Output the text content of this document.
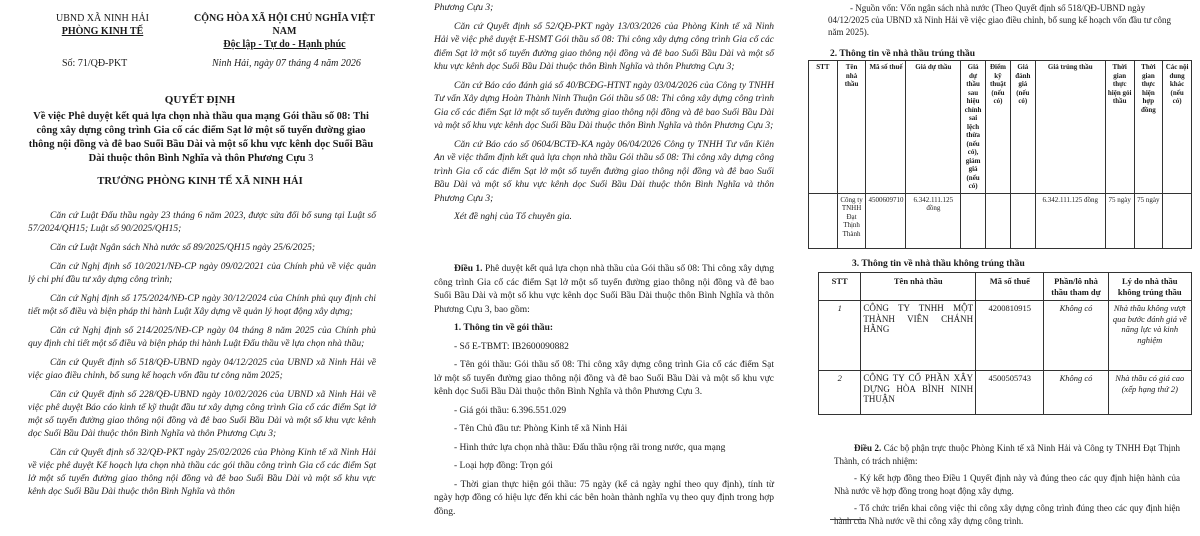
UBND XÃ NINH HẢI
PHÒNG KINH TẾ
CỘNG HÒA XÃ HỘI CHỦ NGHĨA VIỆT NAM
Độc lập - Tự do - Hạnh phúc
Số: 71/QĐ-PKT	Ninh Hải, ngày 07 tháng 4 năm 2026
QUYẾT ĐỊNH
Về việc Phê duyệt kết quả lựa chọn nhà thầu qua mạng Gói thầu số 08: Thi công xây dựng công trình Gia cố các điểm Sạt lở một số tuyến đường giao thông nội đồng và đê bao Suối Bầu Dài và một số khu vực kênh dọc Suối Bầu Dài thuộc thôn Bình Nghĩa và thôn Phương Cựu 3
TRƯỞNG PHÒNG KINH TẾ XÃ NINH HẢI

Căn cứ Luật Đấu thầu ngày 23 tháng 6 năm 2023, được sửa đổi bổ sung tại Luật số 57/2024/QH15; Luật số 90/2025/QH15;

Căn cứ Luật Ngân sách Nhà nước số 89/2025/QH15 ngày 25/6/2025;

Căn cứ Nghị định số 10/2021/NĐ-CP ngày 09/02/2021 của Chính phủ về việc quản lý chi phí đầu tư xây dựng công trình;

Căn cứ Nghị định số 175/2024/NĐ-CP ngày 30/12/2024 của Chính phủ quy định chi tiết một số điều và biện pháp thi hành Luật Xây dựng về quản lý hoạt động xây dựng;

Căn cứ Nghị định số 214/2025/NĐ-CP ngày 04 tháng 8 năm 2025 của Chính phủ quy định chi tiết một số điều và biện pháp thi hành Luật Đấu thầu về lựa chọn nhà thầu;

Căn cứ Quyết định số 518/QĐ-UBND ngày 04/12/2025 của UBND xã Ninh Hải về việc giao điều chỉnh, bổ sung kế hoạch vốn đầu tư công năm 2025;

Căn cứ Quyết định số 228/QĐ-UBND ngày 10/02/2026 của UBND xã Ninh Hải về việc phê duyệt Báo cáo kinh tế kỹ thuật đầu tư xây dựng công trình Gia cố các điểm Sạt lở một số tuyến đường giao thông nội đồng và đê bao Suối Bầu Dài và một số khu vực kênh dọc Suối Bầu Dài thuộc thôn Bình Nghĩa và thôn Phương Cựu 3;

Căn cứ Quyết định số 32/QĐ-PKT ngày 25/02/2026 của Phòng Kinh tế xã Ninh Hải về việc phê duyệt Kế hoạch lựa chọn nhà thầu các gói thầu công trình Gia cố các điểm Sạt lở một số tuyến đường giao thông nội đồng và đê bao Suối Bầu Dài và một số khu vực kênh dọc Suối Bầu Dài thuộc thôn Bình Nghĩa và thôn

Phương Cựu 3;

Căn cứ Quyết định số 52/QĐ-PKT ngày 13/03/2026 của Phòng Kinh tế xã Ninh Hải về việc phê duyệt E-HSMT Gói thầu số 08: Thi công xây dựng công trình Gia cố các điểm Sạt lở một số tuyến đường giao thông nội đồng và đê bao Suối Bầu Dài và một số khu vực kênh dọc Suối Bầu Dài thuộc thôn Bình Nghĩa và thôn Phương Cựu 3;

Căn cứ Báo cáo đánh giá số 40/BCĐG-HTNT ngày 03/04/2026 của Công ty TNHH Tư vấn Xây dựng Hoàn Thành Ninh Thuận Gói thầu số 08: Thi công xây dựng công trình Gia cố các điểm Sạt lở một số tuyến đường giao thông nội đồng và đê bao Suối Bầu Dài và một số khu vực kênh dọc Suối Bầu Dài thuộc thôn Bình Nghĩa và thôn Phương Cựu 3;

Căn cứ Báo cáo số 0604/BCTĐ-KA ngày 06/04/2026 Công ty TNHH Tư vấn Kiên An về việc thẩm định kết quả lựa chọn nhà thầu Gói thầu số 08: Thi công xây dựng công trình Gia cố các điểm Sạt lở một số tuyến đường giao thông nội đồng và đê bao Suối Bầu Dài và một số khu vực kênh dọc Suối Bầu Dài thuộc thôn Bình Nghĩa và thôn Phương Cựu 3;

Xét đề nghị của Tổ chuyên gia.

Điều 1. Phê duyệt kết quả lựa chọn nhà thầu của Gói thầu số 08: Thi công xây dựng công trình Gia cố các điểm Sạt lở một số tuyến đường giao thông nội đồng và đê bao Suối Bầu Dài và một số khu vực kênh dọc Suối Bầu Dài thuộc thôn Bình Nghĩa và thôn Phương Cựu 3, bao gồm:

1. Thông tin về gói thầu:

- Số E-TBMT: IB2600090882

- Tên gói thầu: Gói thầu số 08: Thi công xây dựng công trình Gia cố các điểm Sạt lở một số tuyến đường giao thông nội đồng và đê bao Suối Bầu Dài và một số khu vực kênh dọc Suối Bầu Dài thuộc thôn Bình Nghĩa và thôn Phương Cựu 3.

- Giá gói thầu: 6.396.551.029

- Tên Chủ đầu tư: Phòng Kinh tế xã Ninh Hải

- Hình thức lựa chọn nhà thầu: Đấu thầu rộng rãi trong nước, qua mạng

- Loại hợp đồng: Trọn gói

- Thời gian thực hiện gói thầu: 75 ngày (kể cả ngày nghỉ theo quy định), tính từ ngày hợp đồng có hiệu lực đến khi các bên hoàn thành nghĩa vụ theo quy định trong hợp đồng.

- Nguồn vốn: Vốn ngân sách nhà nước (Theo Quyết định số 518/QĐ-UBND ngày 04/12/2025 của UBND xã Ninh Hải về việc giao điều chỉnh, bổ sung kế hoạch vốn đầu tư công năm 2025).

2. Thông tin về nhà thầu trúng thầu
STT	Tên nhà thầu	Mã số thuế	Giá dự thầu	Giá dự thầu sau hiệu chỉnh sai lệch thừa (nếu có), giảm giá (nếu có)	Điểm kỹ thuật (nếu có)	Giá đánh giá (nếu có)	Giá trúng thầu	Thời gian thực hiện gói thầu	Thời gian thực hiện hợp đồng	Các nội dung khác (nếu có)
	Công ty TNHH Đạt Thịnh Thành	4500609710	6.342.111.125 đồng				6.342.111.125 đồng	75 ngày	75 ngày	
3. Thông tin về nhà thầu không trúng thầu
STT	Tên nhà thầu	Mã số thuế	Phần/lô nhà thầu tham dự	Lý do nhà thầu không trúng thầu
1	CÔNG TY TNHH MỘT THÀNH VIÊN CHÁNH HẰNG	4200810915	Không có	Nhà thầu không vượt qua bước đánh giá về năng lực và kinh nghiệm
2	CÔNG TY CỔ PHẦN XÂY DỰNG HÒA BÌNH NINH THUẬN	4500505743	Không có	Nhà thầu có giá cao (xếp hạng thứ 2)

Điều 2. Các bộ phận trực thuộc Phòng Kinh tế xã Ninh Hải và Công ty TNHH Đạt Thịnh Thành, có trách nhiệm:

- Ký kết hợp đồng theo Điều 1 Quyết định này và đúng theo các quy định hiện hành của Nhà nước về hợp đồng trong hoạt động xây dựng.

- Tổ chức triển khai công việc thi công xây dựng công trình đúng theo các quy định hiện hành của Nhà nước về thi công xây dựng công trình.
